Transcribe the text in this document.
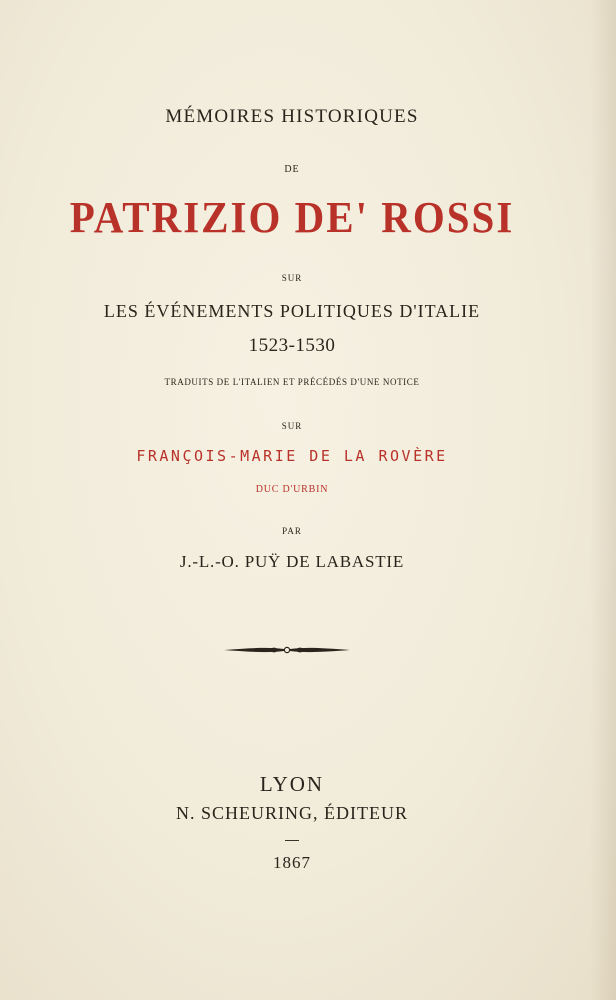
MÉMOIRES HISTORIQUES
DE
PATRIZIO DE' ROSSI
SUR
LES ÉVÉNEMENTS POLITIQUES D'ITALIE
1523-1530
TRADUITS DE L'ITALIEN ET PRÉCÉDÉS D'UNE NOTICE
SUR
FRANÇOIS-MARIE DE LA ROVÈRE
DUC D'URBIN
PAR
J.-L.-O. PUŸ DE LABASTIE
LYON
N. SCHEURING, ÉDITEUR
1867
